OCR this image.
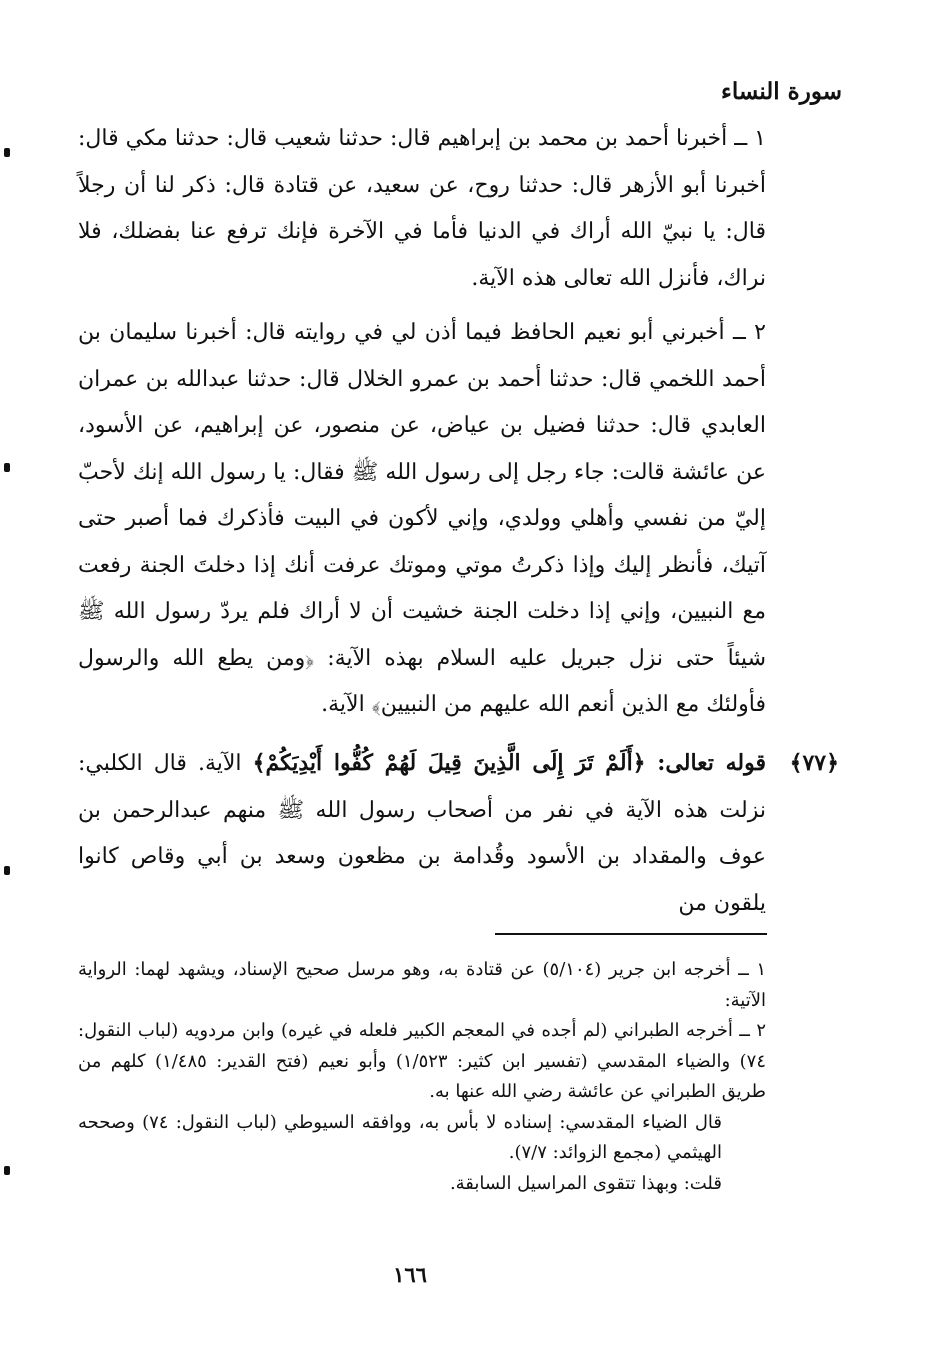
سورة النساء
١ ــ أخبرنا أحمد بن محمد بن إبراهيم قال: حدثنا شعيب قال: حدثنا مكي قال: أخبرنا أبو الأزهر قال: حدثنا روح، عن سعيد، عن قتادة قال: ذكر لنا أن رجلاً قال: يا نبيّ الله أراك في الدنيا فأما في الآخرة فإنك ترفع عنا بفضلك، فلا نراك، فأنزل الله تعالى هذه الآية.
٢ ــ أخبرني أبو نعيم الحافظ فيما أذن لي في روايته قال: أخبرنا سليمان بن أحمد اللخمي قال: حدثنا أحمد بن عمرو الخلال قال: حدثنا عبدالله بن عمران العابدي قال: حدثنا فضيل بن عياض، عن منصور، عن إبراهيم، عن الأسود، عن عائشة قالت: جاء رجل إلى رسول الله ﷺ فقال: يا رسول الله إنك لأحبّ إليّ من نفسي وأهلي وولدي، وإني لأكون في البيت فأذكرك فما أصبر حتى آتيك، فأنظر إليك وإذا ذكرتُ موتي وموتك عرفت أنك إذا دخلتَ الجنة رفعت مع النبيين، وإني إذا دخلت الجنة خشيت أن لا أراك فلم يردّ رسول الله ﷺ شيئاً حتى نزل جبريل عليه السلام بهذه الآية: ﴿ومن يطع الله والرسول فأولئك مع الذين أنعم الله عليهم من النبيين﴾ الآية.
﴿٧٧﴾
قوله تعالى: ﴿أَلَمْ تَرَ إِلَى الَّذِينَ قِيلَ لَهُمْ كُفُّوا أَيْدِيَكُمْ﴾ الآية. قال الكلبي: نزلت هذه الآية في نفر من أصحاب رسول الله ﷺ منهم عبدالرحمن بن عوف والمقداد بن الأسود وقُدامة بن مظعون وسعد بن أبي وقاص كانوا يلقون من

١ ــ أخرجه ابن جرير (٥/١٠٤) عن قتادة به، وهو مرسل صحيح الإسناد، ويشهد لهما: الرواية الآتية:

٢ ــ أخرجه الطبراني (لم أجده في المعجم الكبير فلعله في غيره) وابن مردويه (لباب النقول: ٧٤) والضياء المقدسي (تفسير ابن كثير: ١/٥٢٣) وأبو نعيم (فتح القدير: ١/٤٨٥) كلهم من طريق الطبراني عن عائشة رضي الله عنها به.

قال الضياء المقدسي: إسناده لا بأس به، ووافقه السيوطي (لباب النقول: ٧٤) وصححه الهيثمي (مجمع الزوائد: ٧/٧).

قلت: وبهذا تتقوى المراسيل السابقة.

١٦٦
